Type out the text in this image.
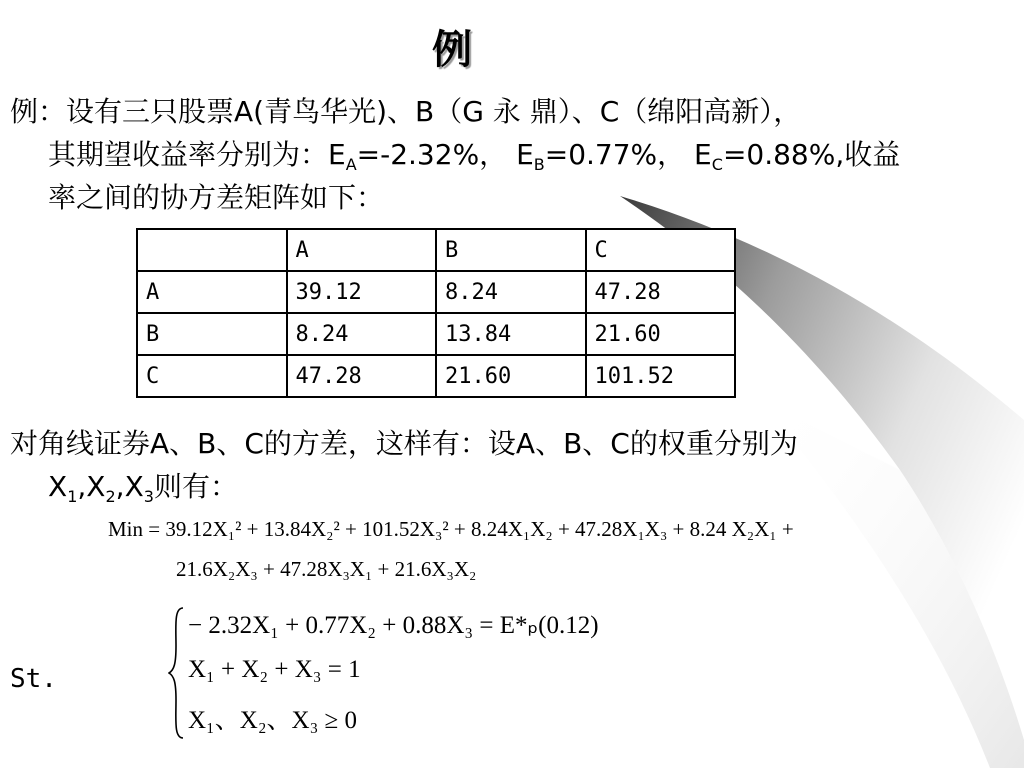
例
例：设有三只股票A(青鸟华光)、B（G 永 鼎）、C（绵阳高新），
其期望收益率分别为：$E_A=-2.32\%$， $E_B=0.77\%$， $E_C=0.88\%$,收益
率之间的协方差矩阵如下：
	A	B	C
A	39.12	8.24	47.28
B	8.24	13.84	21.60
C	47.28	21.60	101.52
对角线证券A、B、C的方差，这样有：设A、B、C的权重分别为
$X_1,X_2,X_3$则有：
Min = 39.12X₁² + 13.84X₂² + 101.52X₃² + 8.24X₁X₂ + 47.28X₁X₃ + 8.24 X₂X₁ +
21.6X₂X₃ + 47.28X₃X₁ + 21.6X₃X₂
St.
− 2.32X₁ + 0.77X₂ + 0.88X₃ = E*ₚ(0.12)
X₁ + X₂ + X₃ = 1
X₁、X₂、X₃ ≥ 0
